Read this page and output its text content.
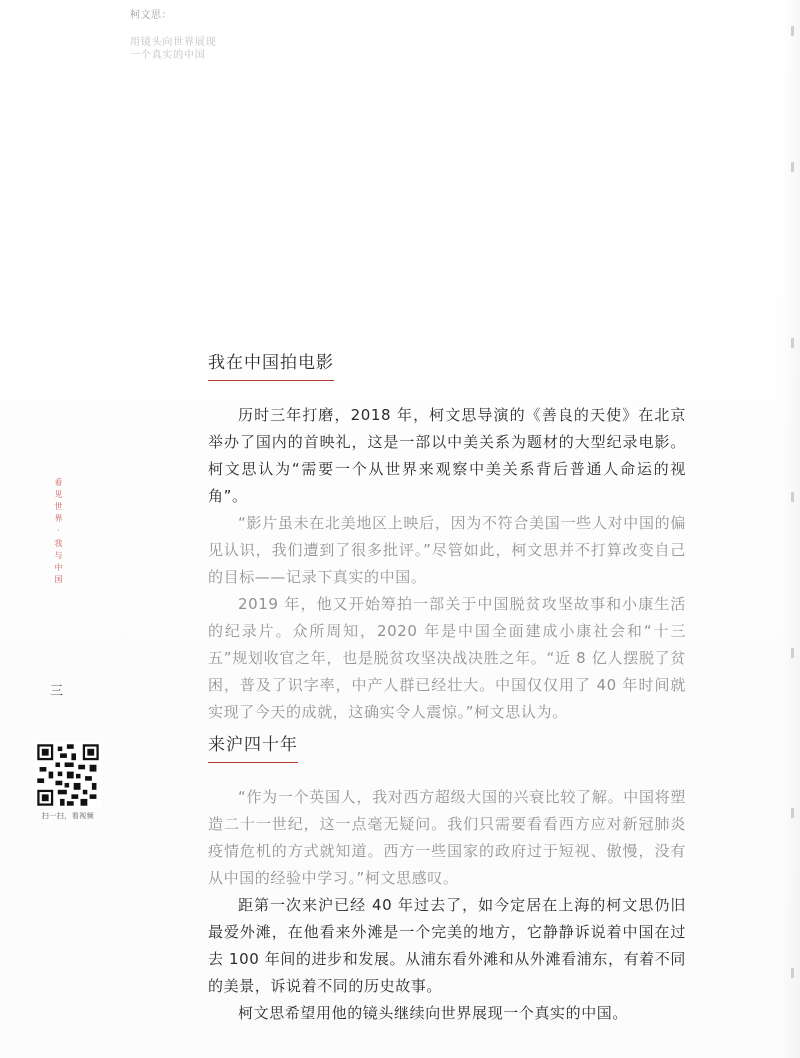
柯文思：
用镜头向世界展现
一个真实的中国
我在中国拍电影

历时三年打磨，2018 年，柯文思导演的《善良的天使》在北京举办了国内的首映礼，这是一部以中美关系为题材的大型纪录电影。柯文思认为“需要一个从世界来观察中美关系背后普通人命运的视角”。

“影片虽未在北美地区上映后，因为不符合美国一些人对中国的偏见认识，我们遭到了很多批评。”尽管如此，柯文思并不打算改变自己的目标——记录下真实的中国。

2019 年，他又开始筹拍一部关于中国脱贫攻坚故事和小康生活的纪录片。众所周知，2020 年是中国全面建成小康社会和“十三五”规划收官之年，也是脱贫攻坚决战决胜之年。“近 8 亿人摆脱了贫困，普及了识字率，中产人群已经壮大。中国仅仅用了 40 年时间就实现了今天的成就，这确实令人震惊。”柯文思认为。

来沪四十年

“作为一个英国人，我对西方超级大国的兴衰比较了解。中国将塑造二十一世纪，这一点毫无疑问。我们只需要看看西方应对新冠肺炎疫情危机的方式就知道。西方一些国家的政府过于短视、傲慢，没有从中国的经验中学习。”柯文思感叹。

距第一次来沪已经 40 年过去了，如今定居在上海的柯文思仍旧最爱外滩，在他看来外滩是一个完美的地方，它静静诉说着中国在过去 100 年间的进步和发展。从浦东看外滩和从外滩看浦东，有着不同的美景，诉说着不同的历史故事。

柯文思希望用他的镜头继续向世界展现一个真实的中国。

看见世界·我与中国
三
扫一扫，看视频
